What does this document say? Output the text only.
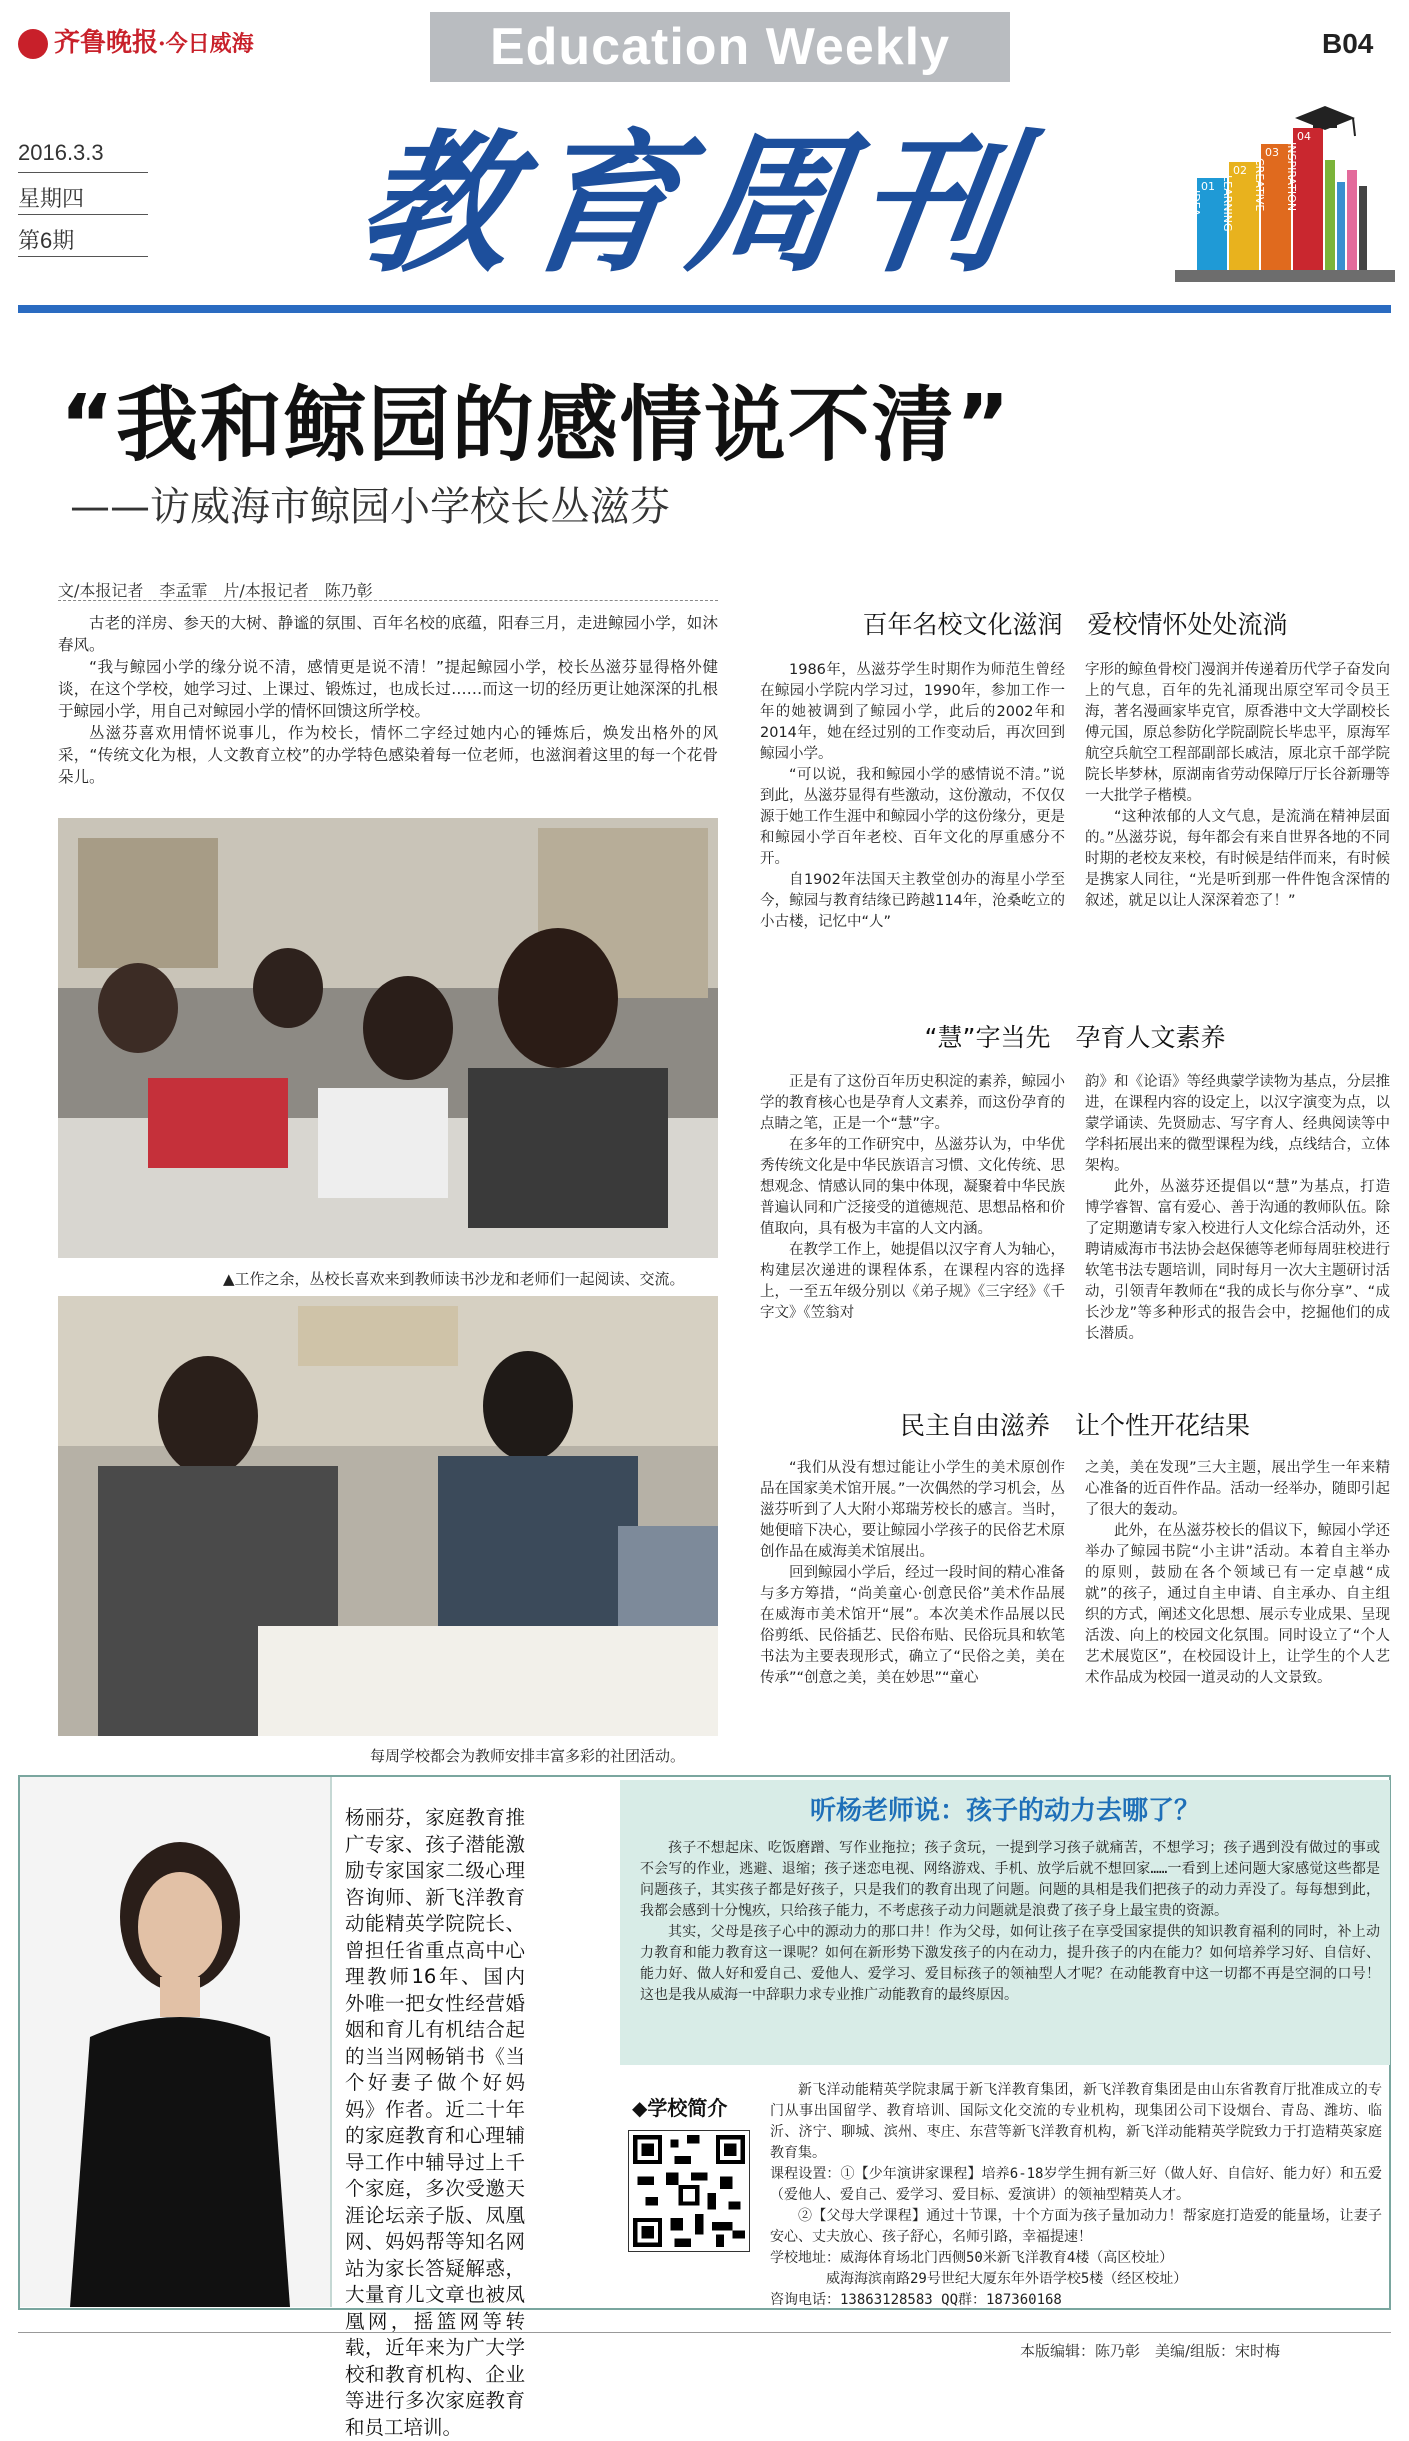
齐鲁晚报·今日威海	Education Weekly	B04
2016.3.3
星期四
第6期 教育周刊	IDEA LEARNING CREATIVE INSPIRATION
01
02
03
04
“我和鲸园的感情说不清”
——访威海市鲸园小学校长丛滋芬
文/本报记者　李孟霏　片/本报记者　陈乃彰

古老的洋房、参天的大树、静谧的氛围、百年名校的底蕴，阳春三月，走进鲸园小学，如沐春风。

“我与鲸园小学的缘分说不清，感情更是说不清！”提起鲸园小学，校长丛滋芬显得格外健谈，在这个学校，她学习过、上课过、锻炼过，也成长过……而这一切的经历更让她深深的扎根于鲸园小学，用自己对鲸园小学的情怀回馈这所学校。

丛滋芬喜欢用情怀说事儿，作为校长，情怀二字经过她内心的锤炼后，焕发出格外的风采，“传统文化为根，人文教育立校”的办学特色感染着每一位老师，也滋润着这里的每一个花骨朵儿。

▲工作之余，丛校长喜欢来到教师读书沙龙和老师们一起阅读、交流。
每周学校都会为教师安排丰富多彩的社团活动。
百年名校文化滋润　爱校情怀处处流淌

1986年，丛滋芬学生时期作为师范生曾经在鲸园小学院内学习过，1990年，参加工作一年的她被调到了鲸园小学，此后的2002年和2014年，她在经过别的工作变动后，再次回到鲸园小学。

“可以说，我和鲸园小学的感情说不清。”说到此，丛滋芬显得有些激动，这份激动，不仅仅源于她工作生涯中和鲸园小学的这份缘分，更是和鲸园小学百年老校、百年文化的厚重感分不开。

自1902年法国天主教堂创办的海星小学至今，鲸园与教育结缘已跨越114年，沧桑屹立的小古楼，记忆中“人”

字形的鲸鱼骨校门漫润并传递着历代学子奋发向上的气息，百年的先礼涌现出原空军司令员王海，著名漫画家毕克官，原香港中文大学副校长傅元国，原总参防化学院副院长毕忠平，原海军航空兵航空工程部副部长戚洁，原北京千部学院院长毕梦林，原湖南省劳动保障厅厅长谷新珊等一大批学子楷模。

“这种浓郁的人文气息，是流淌在精神层面的。”丛滋芬说，每年都会有来自世界各地的不同时期的老校友来校，有时候是结伴而来，有时候是携家人同往，“光是听到那一件件饱含深情的叙述，就足以让人深深着恋了！”

“慧”字当先　孕育人文素养

正是有了这份百年历史积淀的素养，鲸园小学的教育核心也是孕育人文素养，而这份孕育的点睛之笔，正是一个“慧”字。

在多年的工作研究中，丛滋芬认为，中华优秀传统文化是中华民族语言习惯、文化传统、思想观念、情感认同的集中体现，凝聚着中华民族普遍认同和广泛接受的道德规范、思想品格和价值取向，具有极为丰富的人文内涵。

在教学工作上，她提倡以汉字育人为轴心，构建层次递进的课程体系，在课程内容的选择上，一至五年级分别以《弟子规》《三字经》《千字文》《笠翁对

韵》和《论语》等经典蒙学读物为基点，分层推进，在课程内容的设定上，以汉字演变为点，以蒙学诵读、先贤励志、写字育人、经典阅读等中学科拓展出来的微型课程为线，点线结合，立体架构。

此外，丛滋芬还提倡以“慧”为基点，打造博学睿智、富有爱心、善于沟通的教师队伍。除了定期邀请专家入校进行人文化综合活动外，还聘请威海市书法协会赵保德等老师每周驻校进行软笔书法专题培训，同时每月一次大主题研讨活动，引领青年教师在“我的成长与你分享”、“成长沙龙”等多种形式的报告会中，挖掘他们的成长潜质。

民主自由滋养　让个性开花结果

“我们从没有想过能让小学生的美术原创作品在国家美术馆开展。”一次偶然的学习机会，丛滋芬听到了人大附小郑瑞芳校长的感言。当时，她便暗下决心，要让鲸园小学孩子的民俗艺术原创作品在威海美术馆展出。

回到鲸园小学后，经过一段时间的精心准备与多方筹措，“尚美童心·创意民俗”美术作品展在威海市美术馆开“展”。本次美术作品展以民俗剪纸、民俗插艺、民俗布贴、民俗玩具和软笔书法为主要表现形式，确立了“民俗之美，美在传承”“创意之美，美在妙思”“童心

之美，美在发现”三大主题，展出学生一年来精心准备的近百件作品。活动一经举办，随即引起了很大的轰动。

此外，在丛滋芬校长的倡议下，鲸园小学还举办了鲸园书院“小主讲”活动。本着自主举办的原则，鼓励在各个领域已有一定卓越“成就”的孩子，通过自主申请、自主承办、自主组织的方式，阐述文化思想、展示专业成果、呈现活泼、向上的校园文化氛围。同时设立了“个人艺术展览区”，在校园设计上，让学生的个人艺术作品成为校园一道灵动的人文景致。

杨丽芬，家庭教育推广专家、孩子潜能激励专家国家二级心理咨询师、新飞洋教育动能精英学院院长、曾担任省重点高中心理教师16年、国内外唯一把女性经营婚姻和育儿有机结合起的当当网畅销书《当个好妻子做个好妈妈》作者。近二十年的家庭教育和心理辅导工作中辅导过上千个家庭，多次受邀天涯论坛亲子版、凤凰网、妈妈帮等知名网站为家长答疑解惑，大量育儿文章也被凤凰网，摇篮网等转载，近年来为广大学校和教育机构、企业等进行多次家庭教育和员工培训。
听杨老师说：孩子的动力去哪了？

孩子不想起床、吃饭磨蹭、写作业拖拉；孩子贪玩，一提到学习孩子就痛苦，不想学习；孩子遇到没有做过的事或不会写的作业，逃避、退缩；孩子迷恋电视、网络游戏、手机、放学后就不想回家……一看到上述问题大家感觉这些都是问题孩子，其实孩子都是好孩子，只是我们的教育出现了问题。问题的具相是我们把孩子的动力弄没了。每每想到此，我都会感到十分愧疚，只给孩子能力，不考虑孩子动力问题就是浪费了孩子身上最宝贵的资源。

其实，父母是孩子心中的源动力的那口井！作为父母，如何让孩子在享受国家提供的知识教育福利的同时，补上动力教育和能力教育这一课呢？如何在新形势下激发孩子的内在动力，提升孩子的内在能力？如何培养学习好、自信好、能力好、做人好和爱自己、爱他人、爱学习、爱目标孩子的领袖型人才呢？在动能教育中这一切都不再是空洞的口号！这也是我从威海一中辞职力求专业推广动能教育的最终原因。

◆学校简介

新飞洋动能精英学院隶属于新飞洋教育集团，新飞洋教育集团是由山东省教育厅批准成立的专门从事出国留学、教育培训、国际文化交流的专业机构，现集团公司下设烟台、青岛、潍坊、临沂、济宁、聊城、滨州、枣庄、东营等新飞洋教育机构，新飞洋动能精英学院致力于打造精英家庭教育集。

课程设置：①【少年演讲家课程】培养6-18岁学生拥有新三好（做人好、自信好、能力好）和五爱（爱他人、爱自己、爱学习、爱目标、爱演讲）的领袖型精英人才。

②【父母大学课程】通过十节课，十个方面为孩子量加动力！帮家庭打造爱的能量场，让妻子安心、丈夫放心、孩子舒心，名师引路，幸福提速！

学校地址：威海体育场北门西侧50米新飞洋教育4楼（高区校址）

威海海滨南路29号世纪大厦东年外语学校5楼（经区校址）

咨询电话：13863128583 QQ群：187360168

本版编辑：陈乃彰　美编/组版：宋时梅
